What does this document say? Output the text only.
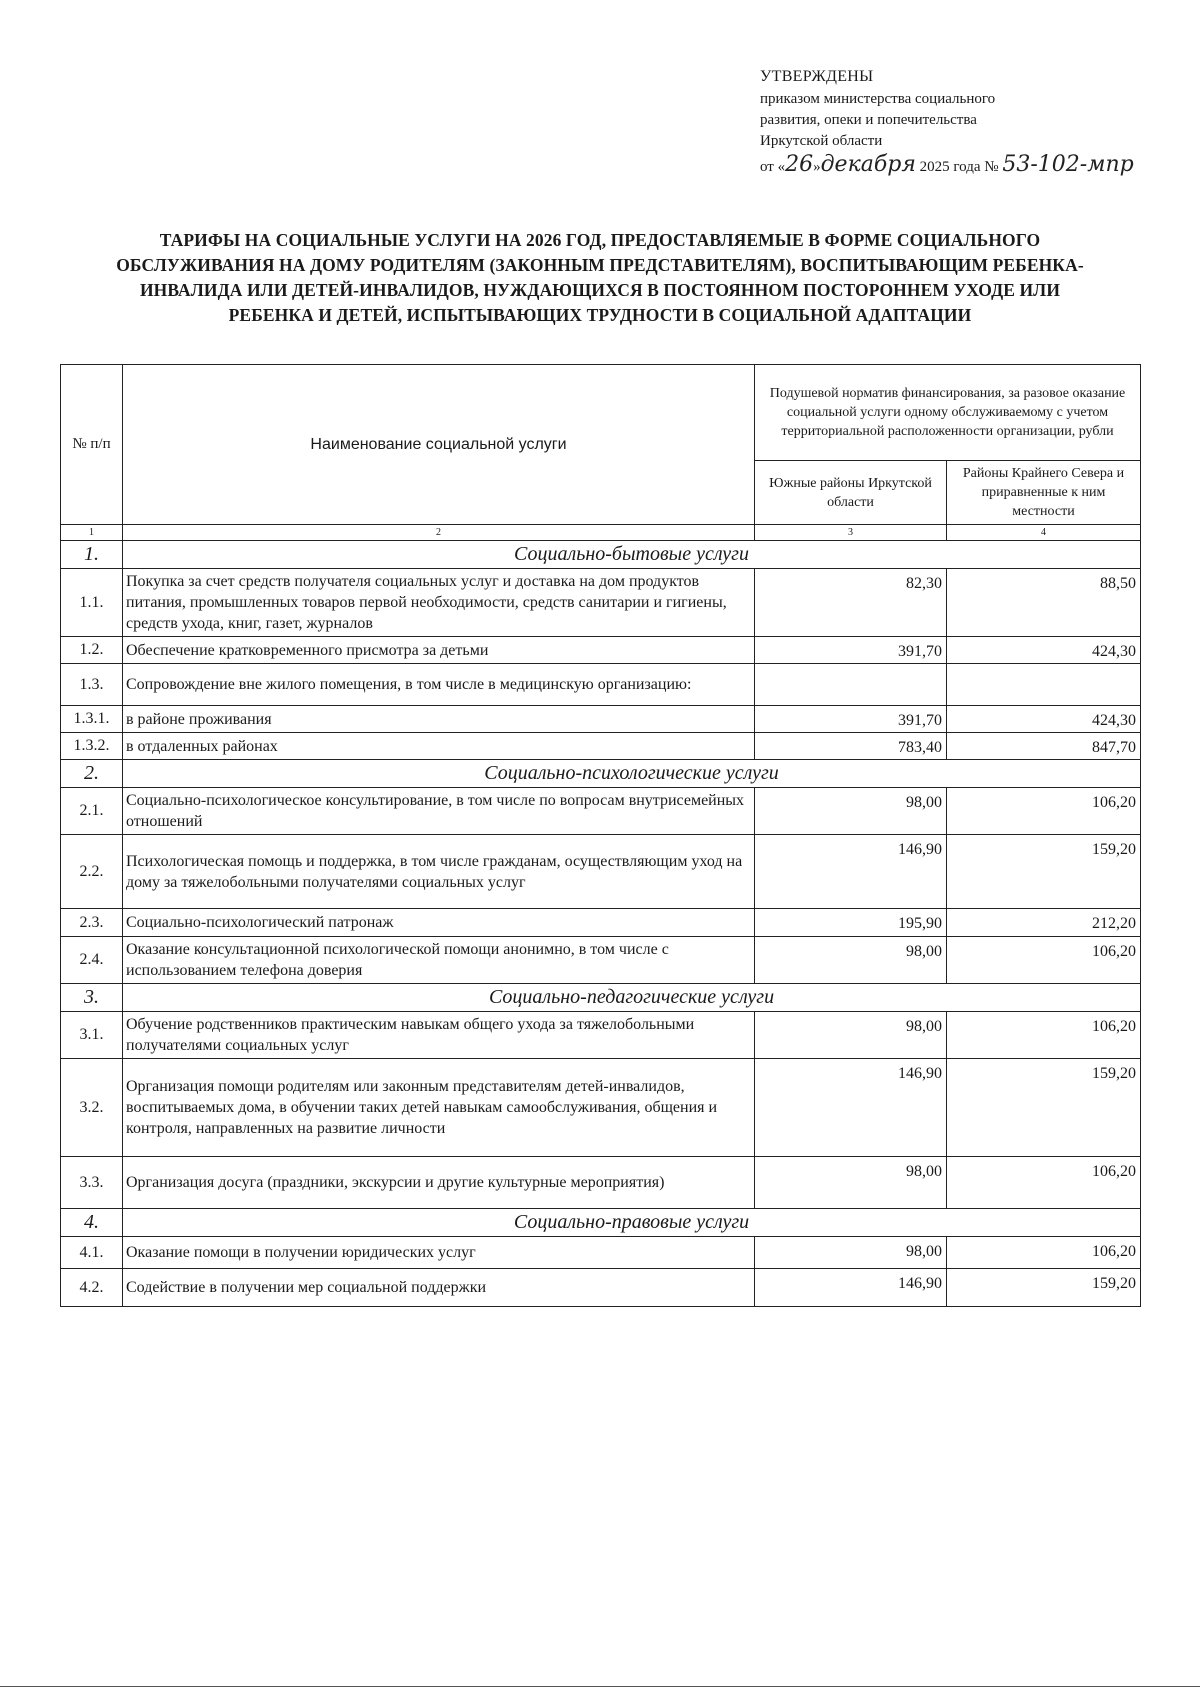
УТВЕРЖДЕНЫ
приказом министерства социального
развития, опеки и попечительства
Иркутской области
от «26»декабря 2025 года № 53-102-мпр
ТАРИФЫ НА СОЦИАЛЬНЫЕ УСЛУГИ НА 2026 ГОД, ПРЕДОСТАВЛЯЕМЫЕ В ФОРМЕ СОЦИАЛЬНОГО
ОБСЛУЖИВАНИЯ НА ДОМУ РОДИТЕЛЯМ (ЗАКОННЫМ ПРЕДСТАВИТЕЛЯМ), ВОСПИТЫВАЮЩИМ РЕБЕНКА-
ИНВАЛИДА ИЛИ ДЕТЕЙ-ИНВАЛИДОВ, НУЖДАЮЩИХСЯ В ПОСТОЯННОМ ПОСТОРОННЕМ УХОДЕ ИЛИ
РЕБЕНКА И ДЕТЕЙ, ИСПЫТЫВАЮЩИХ ТРУДНОСТИ В СОЦИАЛЬНОЙ АДАПТАЦИИ
№ п/п	Наименование социальной услуги	Подушевой норматив финансирования, за разовое оказание социальной услуги одному обслуживаемому с учетом территориальной расположенности организации, рубли	
		Южные районы Иркутской области	Районы Крайнего Севера и приравненные к ним местности
1	2	3	4
1.	Социально-бытовые услуги		
1.1.	Покупка за счет средств получателя социальных услуг и доставка на дом продуктов питания, промышленных товаров первой необходимости, средств санитарии и гигиены, средств ухода, книг, газет, журналов	82,30	88,50
1.2.	Обеспечение кратковременного присмотра за детьми	391,70	424,30
1.3.	Сопровождение вне жилого помещения, в том числе в медицинскую организацию:		
1.3.1.	в районе проживания	391,70	424,30
1.3.2.	в отдаленных районах	783,40	847,70
2.	Социально-психологические услуги		
2.1.	Социально-психологическое консультирование, в том числе по вопросам внутрисемейных отношений	98,00	106,20
2.2.	Психологическая помощь и поддержка, в том числе гражданам, осуществляющим уход на дому за тяжелобольными получателями социальных услуг	146,90	159,20
2.3.	Социально-психологический патронаж	195,90	212,20
2.4.	Оказание консультационной психологической помощи анонимно, в том числе с использованием телефона доверия	98,00	106,20
3.	Социально-педагогические услуги		
3.1.	Обучение родственников практическим навыкам общего ухода за тяжелобольными получателями социальных услуг	98,00	106,20
3.2.	Организация помощи родителям или законным представителям детей-инвалидов, воспитываемых дома, в обучении таких детей навыкам самообслуживания, общения и контроля, направленных на развитие личности	146,90	159,20
3.3.	Организация досуга (праздники, экскурсии и другие культурные мероприятия)	98,00	106,20
4.	Социально-правовые услуги		
4.1.	Оказание помощи в получении юридических услуг	98,00	106,20
4.2.	Содействие в получении мер социальной поддержки	146,90	159,20
